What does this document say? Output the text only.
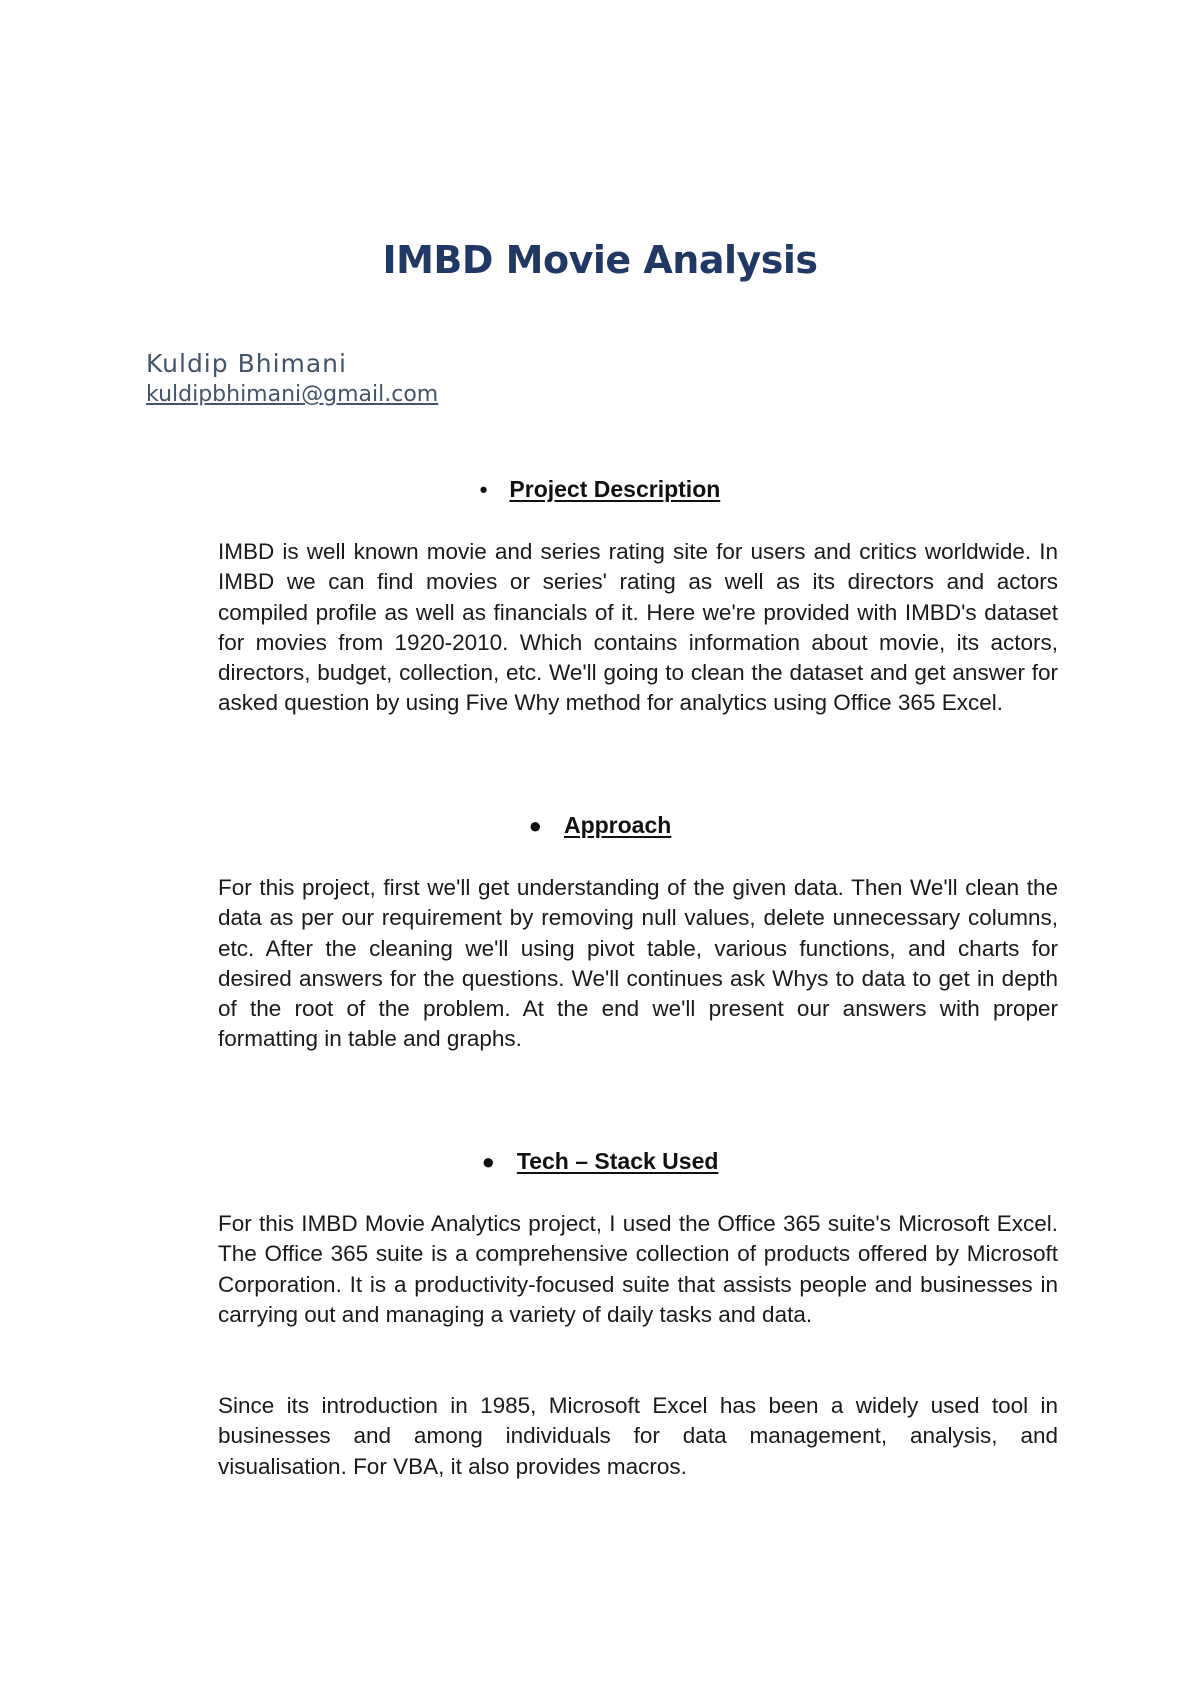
IMBD Movie Analysis
Kuldip Bhimani
kuldipbhimani@gmail.com
• Project Description

IMBD is well known movie and series rating site for users and critics worldwide. In IMBD we can find movies or series' rating as well as its directors and actors compiled profile as well as financials of it. Here we're provided with IMBD's dataset for movies from 1920-2010. Which contains information about movie, its actors, directors, budget, collection, etc. We'll going to clean the dataset and get answer for asked question by using Five Why method for analytics using Office 365 Excel.

● Approach

For this project, first we'll get understanding of the given data. Then We'll clean the data as per our requirement by removing null values, delete unnecessary columns, etc. After the cleaning we'll using pivot table, various functions, and charts for desired answers for the questions. We'll continues ask Whys to data to get in depth of the root of the problem. At the end we'll present our answers with proper formatting in table and graphs.

● Tech – Stack Used

For this IMBD Movie Analytics project, I used the Office 365 suite's Microsoft Excel. The Office 365 suite is a comprehensive collection of products offered by Microsoft Corporation. It is a productivity-focused suite that assists people and businesses in carrying out and managing a variety of daily tasks and data.

Since its introduction in 1985, Microsoft Excel has been a widely used tool in businesses and among individuals for data management, analysis, and visualisation. For VBA, it also provides macros.
